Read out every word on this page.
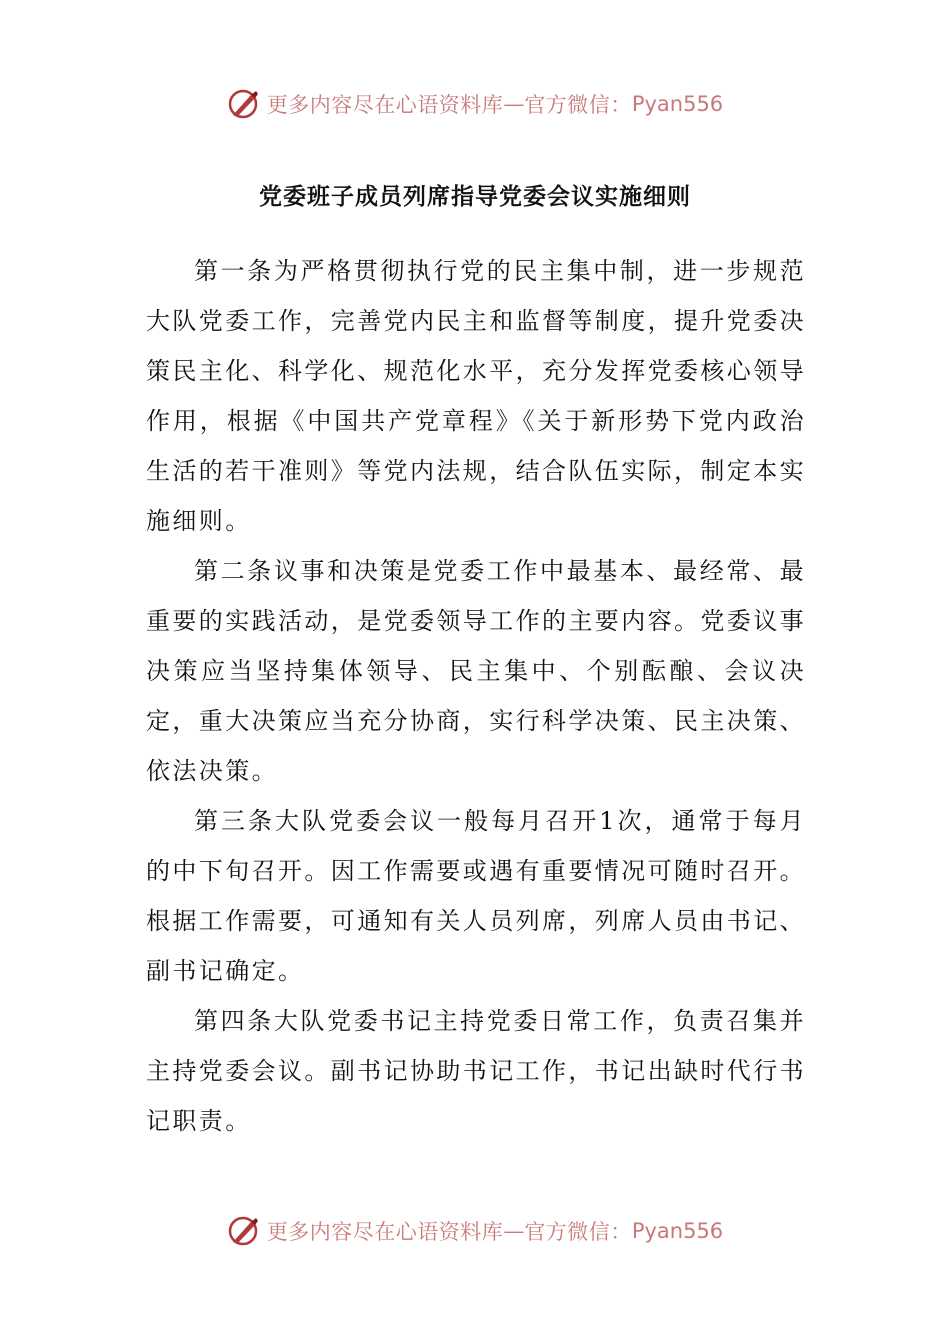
更多内容尽在心语资料库 — 官方微信： Pyan556
党委班子成员列席指导党委会议实施细则

第一条为严格贯彻执行党的民主集中制，进一步规范大队党委工作，完善党内民主和监督等制度，提升党委决策民主化、科学化、规范化水平，充分发挥党委核心领导作用，根据《中国共产党章程》《关于新形势下党内政治生活的若干准则》等党内法规，结合队伍实际，制定本实施细则。

第二条议事和决策是党委工作中最基本、最经常、最重要的实践活动，是党委领导工作的主要内容。党委议事决策应当坚持集体领导、民主集中、个别酝酿、会议决定，重大决策应当充分协商，实行科学决策、民主决策、依法决策。

第三条大队党委会议一般每月召开1次，通常于每月的中下旬召开。因工作需要或遇有重要情况可随时召开。根据工作需要，可通知有关人员列席，列席人员由书记、副书记确定。

第四条大队党委书记主持党委日常工作，负责召集并主持党委会议。副书记协助书记工作，书记出缺时代行书记职责。

更多内容尽在心语资料库 — 官方微信： Pyan556
